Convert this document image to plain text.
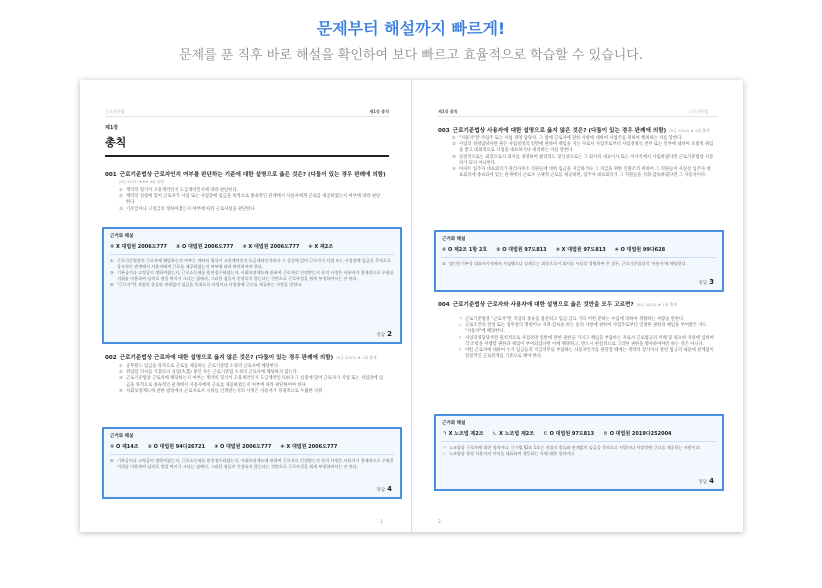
문제부터 해설까지 빠르게!
문제를 푼 직후 바로 해설을 확인하여 보다 빠르고 효율적으로 학습할 수 있습니다.
근로기준법	제1장 총칙
제1장
총칙
001 근로기준법상 근로자인지 여부를 판단하는 기준에 대한 설명으로 옳은 것은? (다툼이 있는 경우 판례에 의함)
(9급 2023) ★★★ 5회 출제
① 계약의 형식이 고용계약인지 도급계약인지에 따라 판단한다.
② 계약의 실질에 있어 근로자가 사업 또는 사업장에 임금을 목적으로 종속적인 관계에서 사용자에게 근로를 제공하였는지 여부에 따라 판단한다.
③ 기본급이나 고정급의 정하여졌는지 여부에 따라 근로자성을 판단한다.
근거와 해설
① X 대법원 2006도777 ② O 대법원 2006도777 ③ X 대법원 2006도777 ④ X 제2조
① 근로기준법상의 근로자에 해당하는지 여부는 계약의 형식이 고용계약인지 도급계약인지보다 그 실질에 있어 근로자가 사업 또는 사업장에 임금을 목적으로 종속적인 관계에서 사용자에게 근로를 제공하였는지 여부에 따라 판단하여야 한다.
③ 기본급이나 고정급이 정하여졌는지, 근로소득세를 원천징수하였는지, 사회보장제도에 관하여 근로자로 인정받는지 등의 사정은 사용자가 경제적으로 우월한 지위를 이용하여 임의로 정할 여지가 크다는 점에서, 그러한 점들이 인정되지 않는다는 것만으로 근로자성을 쉽게 부정하여서는 안 된다.
④ "근로자"란 직업의 종류와 관계없이 임금을 목적으로 사업이나 사업장에 근로를 제공하는 사람을 말한다.
정답 2
002 근로기준법상 근로자에 대한 설명으로 옳지 않은 것은? (다툼이 있는 경우 판례에 의함) (9급 2023) ★ 1회 출제
① 공무원도 임금을 목적으로 근로를 제공하는 근로기준법 소정의 근로자에 해당한다.
② 취업할 의사를 가졌으나 실업(失業) 중인 자는 근로기준법 소정의 근로자에 해당하지 않는다.
③ 근로기준법상 근로자에 해당하는지 여부는 계약의 형식이 고용계약인지 도급계약인지보다 그 실질에 있어 근로자가 사업 또는 사업장에 임금을 목적으로 종속적인 관계에서 사용자에게 근로를 제공하였는지 여부에 따라 판단하여야 한다.
④ 사회보장제도에 관한 법령에서 근로자로서 지위를 인정받는지의 사정은 사용자가 경제적으로 우월한 지위
근거와 해설
① O 제14조 ② O 대법원 94다26721 ③ O 대법원 2006도777 ④ X 대법원 2006도777
④ 기본급이나 고정급이 정하여졌는지, 근로소득세를 원천징수하였는지, 사회보장제도에 관하여 근로자로 인정받는지 등의 사정은 사용자가 경제적으로 우월한 지위를 이용하여 임의로 정할 여지가 크다는 점에서, 그러한 점들이 인정되지 않는다는 것만으로 근로자성을 쉽게 부정하여서는 안 된다.
정답 4
1
제1장 총칙	근로기준법
003 근로기준법상 사용자에 대한 설명으로 옳지 않은 것은? (다툼이 있는 경우 판례에 의함) (9급 2019) ★ 1회 출제
① "사용자"란 사업주 또는 사업 경영 담당자, 그 밖에 근로자에 관한 사항에 대하여 사업주를 위하여 행위하는 자를 말한다.
② 사업의 경영담당자란 원은 사업경영의 일반에 관하여 책임을 지는 자로서 사업주로부터 사업경영의 전부 또는 일부에 대하여 포괄적 위임을 받고 대외적으로 사업을 대표하거나 대리하는 자를 말한다.
③ 실질적으로는 회장으로서 회사를 경영하여 왔더라도 형식상으로는 그 회사의 대표이사 또는 이사직에서 사임하였다면 근로기준법상 사용자가 되지 아니한다.
④ 아파트 입주자 대표회의가 관리사무소 직원들에 대한 임금을 지급하거나 그 지급을 위한 인원조직 위하여 그 직원들이 사실상 입주자 대표회의에 종속되어 있는 관계에서 근로자 구체적 근로를 제공하면, 입주자 대표회의가 그 직원들을 지휘·감독하였다면 그 사용자이다.
근거와 해설
① O 제2조 1항 2호 ② O 대법원 97도813 ③ X 대법원 97도813 ④ O 대법원 99다628
③ 법인등기부상 대표이사직에서 사임했으나 실제로는 회장으로서 회사를 사실상 경영하여 온 경우, 근로기준법상의 '사용자'에 해당한다.
정답 3
004 근로기준법상 근로자와 사용자에 대한 설명으로 옳은 것만을 모두 고르면? (9급 2021) ★ 1회 출제
ㄱ 근로기준법상 "근로자"란 직업의 종류를 불문하고 임금·급료 기타 어떤 준하는 수입에 의하여 생활하는 사람을 말한다.
ㄴ 근로조건의 결정 또는 업무상의 명령이나 지휘·감독을 하는 등의 사항에 관하여 사업주로부터 일정한 권한과 책임을 부여받은 자도 "사용자"에 해당한다.
ㄷ 사업경영담당자란 원칙적으로 사업경영 일반에 관한 권한을 가지고 책임을 부담하는 자로서 근로법규의 이해 및 필요한 지위에 임하여 각 조항을 이행할 권한과 책임이 부여되었다면 이에 해당하고, 반드시 현실적으로 그러한 권한을 행사하여야만 하는 것은 아니다.
ㄹ 어떤 근로자에 대하여 누가 임금등의 지급의무를 부담하는 사용자인가를 판단할 때에는 계약의 형식이나 관련 법규의 내용에 관계없이 실질적인 근로관계를 기준으로 해야 한다.
근거와 해설
ㄱ X 노조법 제2조 ㄴ X 노조법 제2조 ㄷ O 대법원 97도813 ㄹ O 대법원 2019다252004
ㄱ 노조법상 근로자에 대한 정의이다. 근기법 §2① 1호는 직업의 종류와 관계없이 임금을 목적으로 사업이나 사업장에 근로를 제공하는 사람이다.
ㄴ 노조법상 항상 사용자의 이익을 대표하여 행동하는 자에 대한 정의이다.
정답 4
2
